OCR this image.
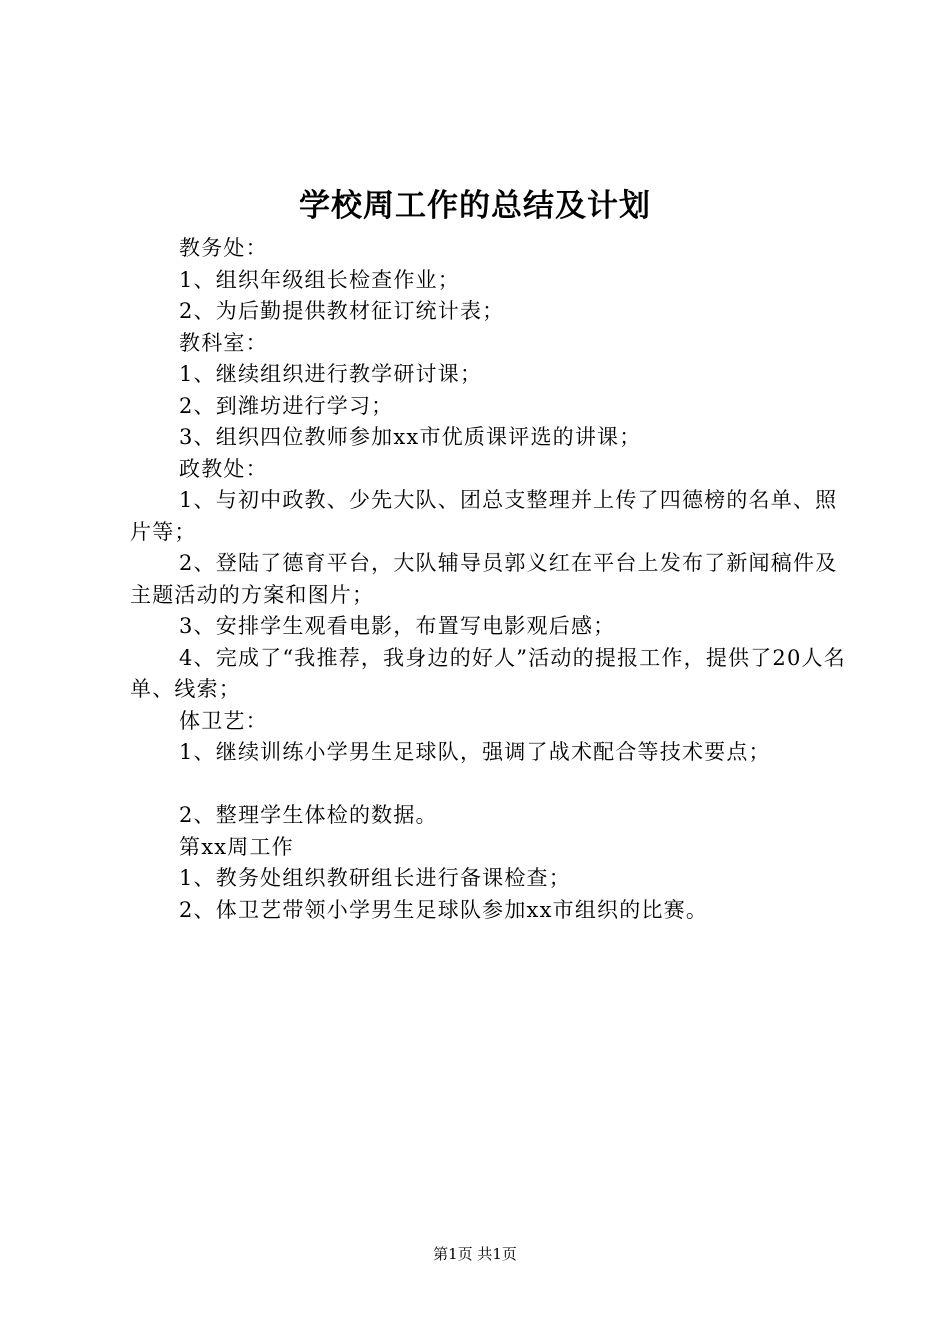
学校周工作的总结及计划

教务处：

1、组织年级组长检查作业；

2、为后勤提供教材征订统计表；

教科室：

1、继续组织进行教学研讨课；

2、到潍坊进行学习；

3、组织四位教师参加xx市优质课评选的讲课；

政教处：

1、与初中政教、少先大队、团总支整理并上传了四德榜的名单、照片等；

2、登陆了德育平台，大队辅导员郭义红在平台上发布了新闻稿件及主题活动的方案和图片；

3、安排学生观看电影，布置写电影观后感；

4、完成了“我推荐，我身边的好人”活动的提报工作，提供了20人名单、线索；

体卫艺：

1、继续训练小学男生足球队，强调了战术配合等技术要点；

2、整理学生体检的数据。

第xx周工作

1、教务处组织教研组长进行备课检查；

2、体卫艺带领小学男生足球队参加xx市组织的比赛。

第1页 共1页
